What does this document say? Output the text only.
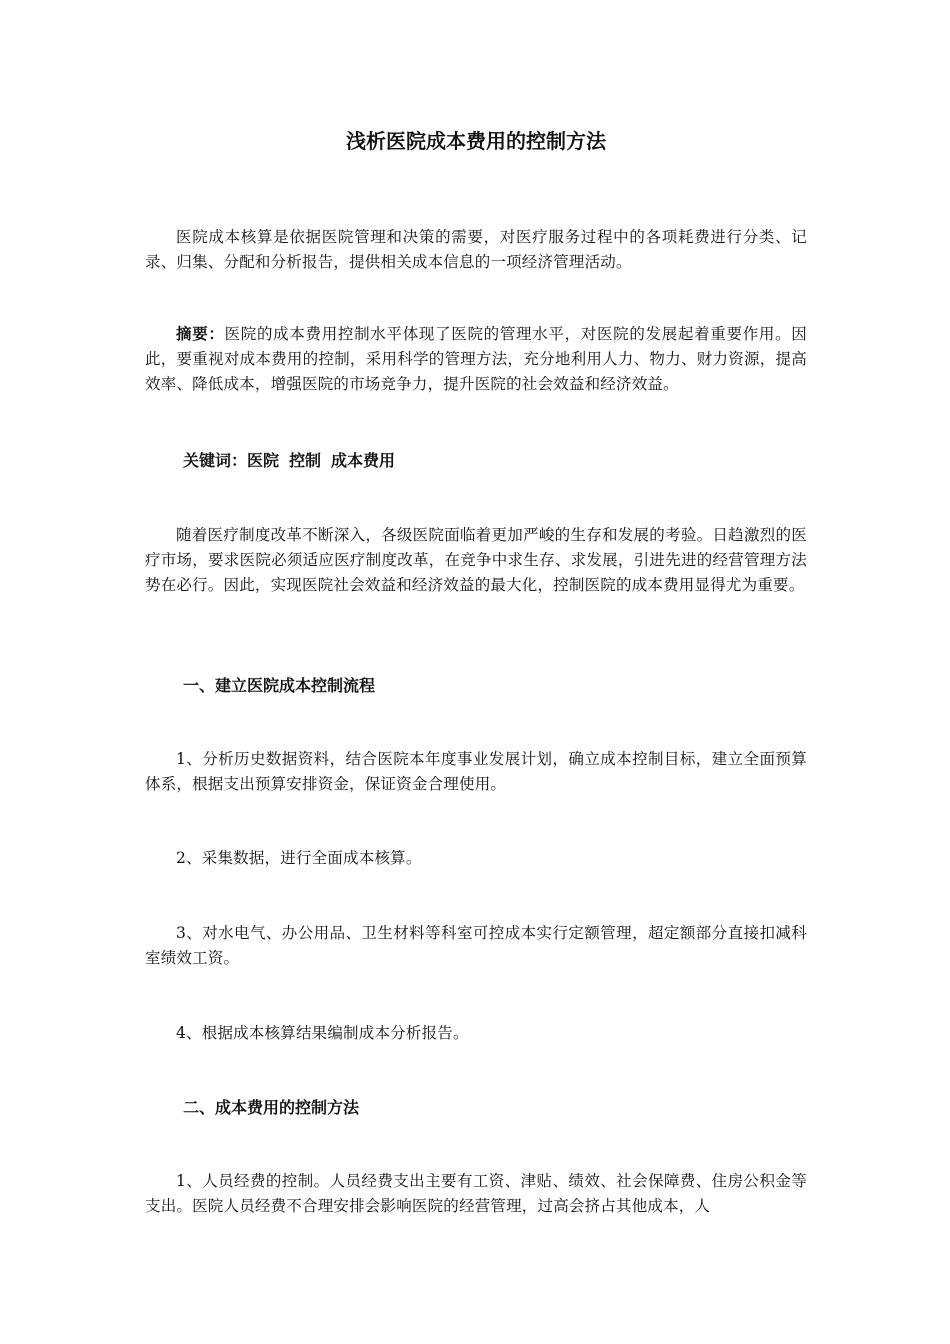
浅析医院成本费用的控制方法

医院成本核算是依据医院管理和决策的需要，对医疗服务过程中的各项耗费进行分类、记录、归集、分配和分析报告，提供相关成本信息的一项经济管理活动。

摘要：医院的成本费用控制水平体现了医院的管理水平，对医院的发展起着重要作用。因此，要重视对成本费用的控制，采用科学的管理方法，充分地利用人力、物力、财力资源，提高效率、降低成本，增强医院的市场竞争力，提升医院的社会效益和经济效益。

关键词：医院 控制 成本费用

随着医疗制度改革不断深入，各级医院面临着更加严峻的生存和发展的考验。日趋激烈的医疗市场，要求医院必须适应医疗制度改革，在竞争中求生存、求发展，引进先进的经营管理方法势在必行。因此，实现医院社会效益和经济效益的最大化，控制医院的成本费用显得尤为重要。

一、建立医院成本控制流程

1、分析历史数据资料，结合医院本年度事业发展计划，确立成本控制目标，建立全面预算体系，根据支出预算安排资金，保证资金合理使用。

2、采集数据，进行全面成本核算。

3、对水电气、办公用品、卫生材料等科室可控成本实行定额管理，超定额部分直接扣减科室绩效工资。

4、根据成本核算结果编制成本分析报告。

二、成本费用的控制方法

1、人员经费的控制。人员经费支出主要有工资、津贴、绩效、社会保障费、住房公积金等支出。医院人员经费不合理安排会影响医院的经营管理，过高会挤占其他成本，人
